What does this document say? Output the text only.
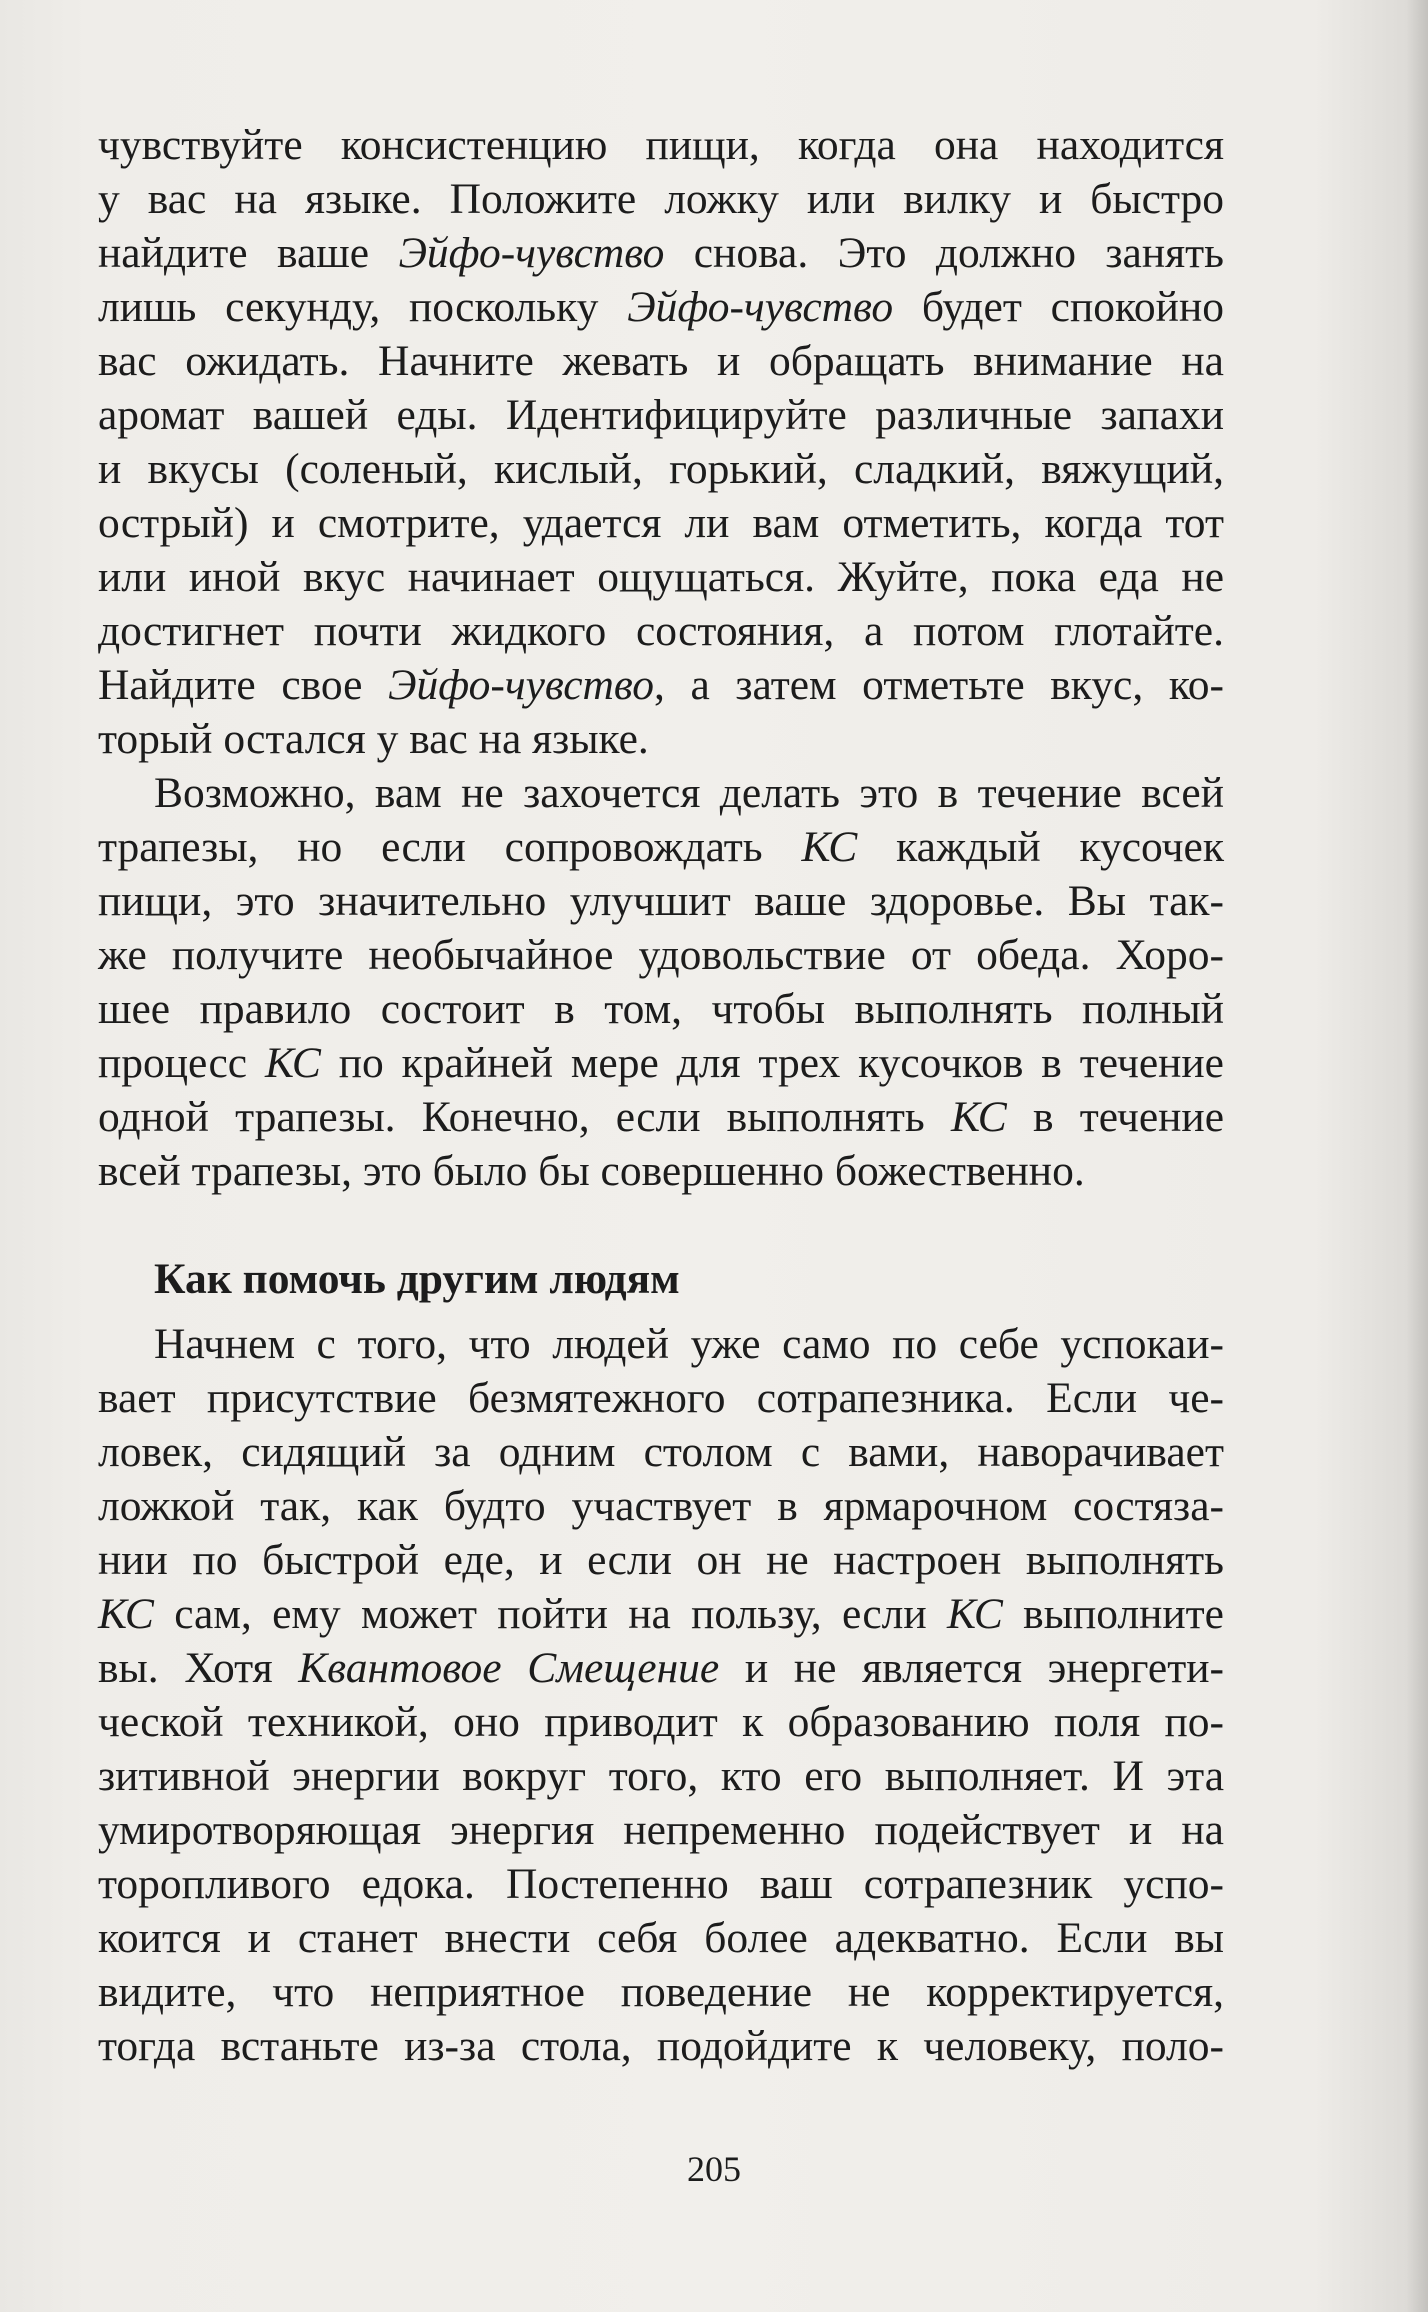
чувствуйте консистенцию пищи, когда она находится
у вас на языке. Положите ложку или вилку и быстро
найдите ваше Эйфо-чувство снова. Это должно занять
лишь секунду, поскольку Эйфо-чувство будет спокойно
вас ожидать. Начните жевать и обращать внимание на
аромат вашей еды. Идентифицируйте различные запахи
и вкусы (соленый, кислый, горький, сладкий, вяжущий,
острый) и смотрите, удается ли вам отметить, когда тот
или иной вкус начинает ощущаться. Жуйте, пока еда не
достигнет почти жидкого состояния, а потом глотайте.
Найдите свое Эйфо-чувство, а затем отметьте вкус, ко-
торый остался у вас на языке.
Возможно, вам не захочется делать это в течение всей
трапезы, но если сопровождать КС каждый кусочек
пищи, это значительно улучшит ваше здоровье. Вы так-
же получите необычайное удовольствие от обеда. Хоро-
шее правило состоит в том, чтобы выполнять полный
процесс КС по крайней мере для трех кусочков в течение
одной трапезы. Конечно, если выполнять КС в течение
всей трапезы, это было бы совершенно божественно.
Как помочь другим людям
Начнем с того, что людей уже само по себе успокаи-
вает присутствие безмятежного сотрапезника. Если че-
ловек, сидящий за одним столом с вами, наворачивает
ложкой так, как будто участвует в ярмарочном состяза-
нии по быстрой еде, и если он не настроен выполнять
КС сам, ему может пойти на пользу, если КС выполните
вы. Хотя Квантовое Смещение и не является энергети-
ческой техникой, оно приводит к образованию поля по-
зитивной энергии вокруг того, кто его выполняет. И эта
умиротворяющая энергия непременно подействует и на
торопливого едока. Постепенно ваш сотрапезник успо-
коится и станет внести себя более адекватно. Если вы
видите, что неприятное поведение не корректируется,
тогда встаньте из-за стола, подойдите к человеку, поло-
205
